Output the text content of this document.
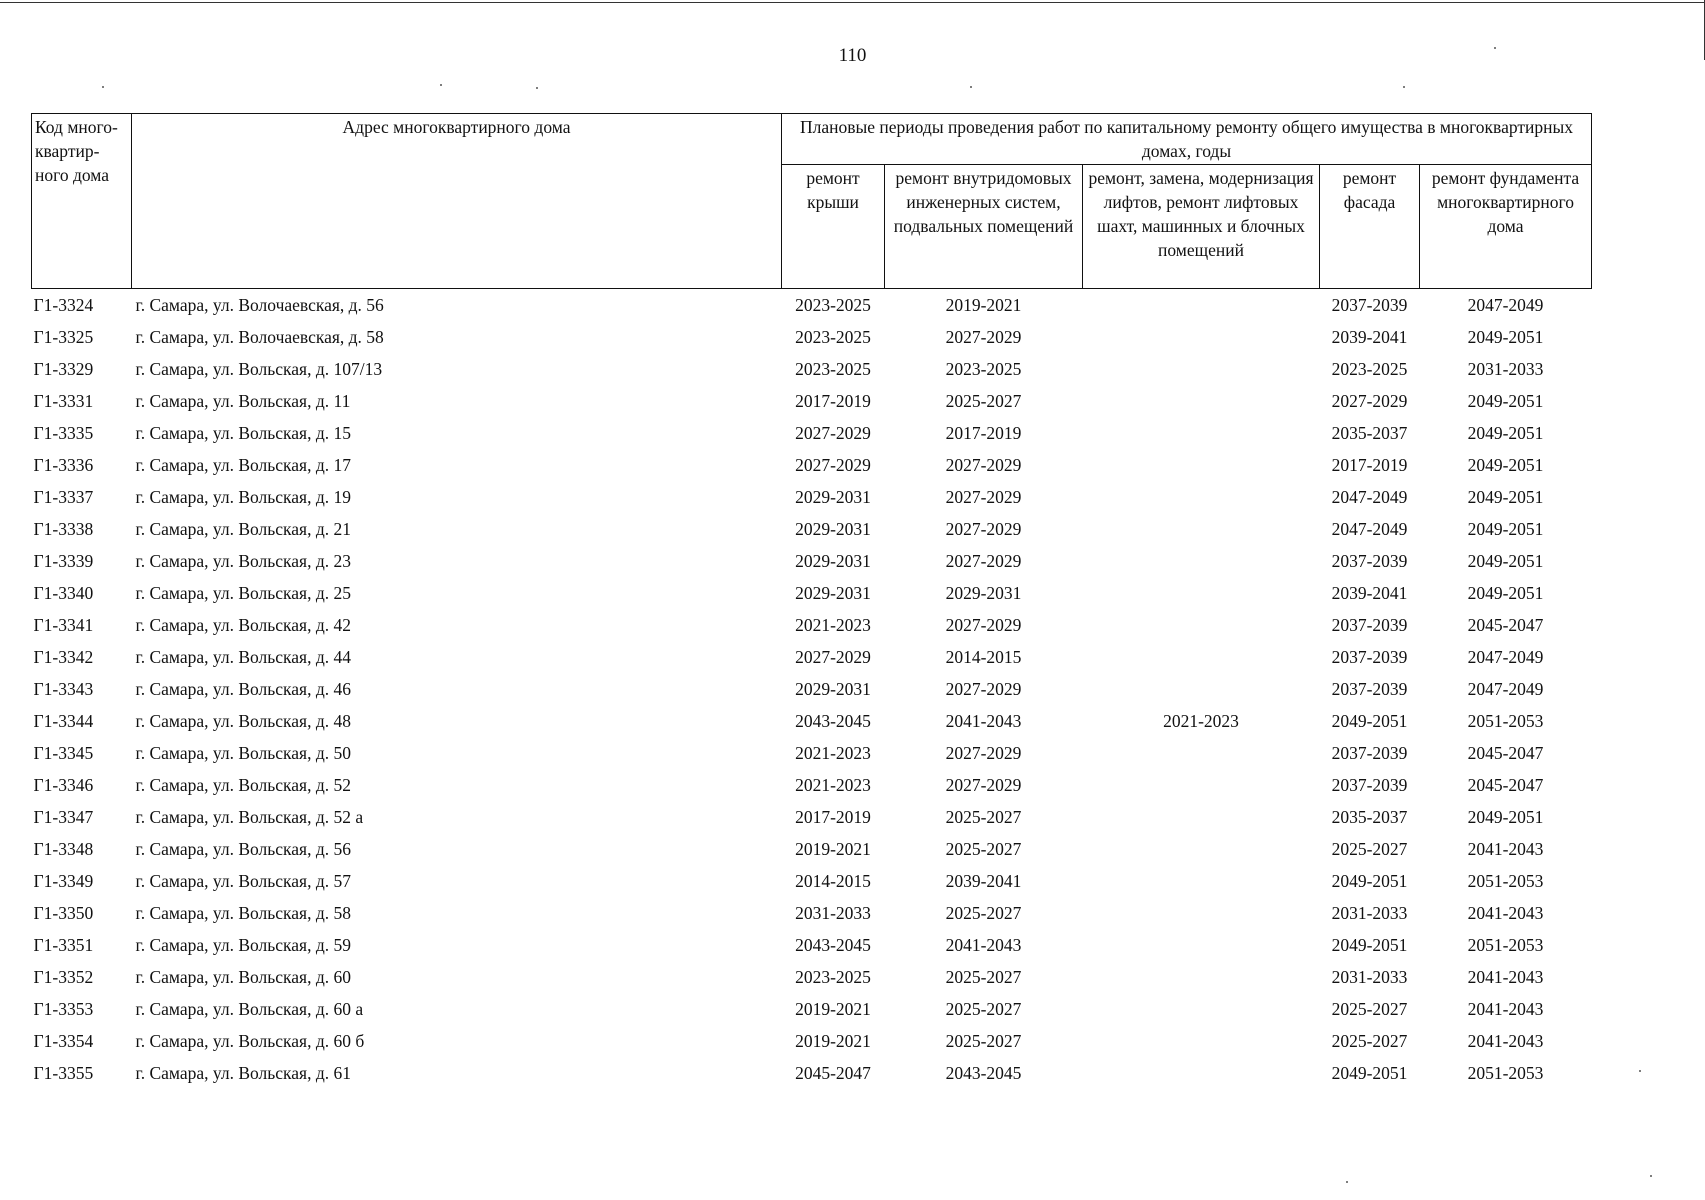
110
Код много-квартир-ного дома	Адрес многоквартирного дома	Плановые периоды проведения работ по капитальному ремонту общего имущества в многоквартирных домах, годы				
		ремонт крыши	ремонт внутридомовых инженерных систем, подвальных помещений	ремонт, замена, модернизация лифтов, ремонт лифтовых шахт, машинных и блочных помещений	ремонт фасада	ремонт фундамента многоквартирного дома
Г1-3324	г. Самара, ул. Волочаевская, д. 56	2023-2025	2019-2021		2037-2039	2047-2049
Г1-3325	г. Самара, ул. Волочаевская, д. 58	2023-2025	2027-2029		2039-2041	2049-2051
Г1-3329	г. Самара, ул. Вольская, д. 107/13	2023-2025	2023-2025		2023-2025	2031-2033
Г1-3331	г. Самара, ул. Вольская, д. 11	2017-2019	2025-2027		2027-2029	2049-2051
Г1-3335	г. Самара, ул. Вольская, д. 15	2027-2029	2017-2019		2035-2037	2049-2051
Г1-3336	г. Самара, ул. Вольская, д. 17	2027-2029	2027-2029		2017-2019	2049-2051
Г1-3337	г. Самара, ул. Вольская, д. 19	2029-2031	2027-2029		2047-2049	2049-2051
Г1-3338	г. Самара, ул. Вольская, д. 21	2029-2031	2027-2029		2047-2049	2049-2051
Г1-3339	г. Самара, ул. Вольская, д. 23	2029-2031	2027-2029		2037-2039	2049-2051
Г1-3340	г. Самара, ул. Вольская, д. 25	2029-2031	2029-2031		2039-2041	2049-2051
Г1-3341	г. Самара, ул. Вольская, д. 42	2021-2023	2027-2029		2037-2039	2045-2047
Г1-3342	г. Самара, ул. Вольская, д. 44	2027-2029	2014-2015		2037-2039	2047-2049
Г1-3343	г. Самара, ул. Вольская, д. 46	2029-2031	2027-2029		2037-2039	2047-2049
Г1-3344	г. Самара, ул. Вольская, д. 48	2043-2045	2041-2043	2021-2023	2049-2051	2051-2053
Г1-3345	г. Самара, ул. Вольская, д. 50	2021-2023	2027-2029		2037-2039	2045-2047
Г1-3346	г. Самара, ул. Вольская, д. 52	2021-2023	2027-2029		2037-2039	2045-2047
Г1-3347	г. Самара, ул. Вольская, д. 52 а	2017-2019	2025-2027		2035-2037	2049-2051
Г1-3348	г. Самара, ул. Вольская, д. 56	2019-2021	2025-2027		2025-2027	2041-2043
Г1-3349	г. Самара, ул. Вольская, д. 57	2014-2015	2039-2041		2049-2051	2051-2053
Г1-3350	г. Самара, ул. Вольская, д. 58	2031-2033	2025-2027		2031-2033	2041-2043
Г1-3351	г. Самара, ул. Вольская, д. 59	2043-2045	2041-2043		2049-2051	2051-2053
Г1-3352	г. Самара, ул. Вольская, д. 60	2023-2025	2025-2027		2031-2033	2041-2043
Г1-3353	г. Самара, ул. Вольская, д. 60 а	2019-2021	2025-2027		2025-2027	2041-2043
Г1-3354	г. Самара, ул. Вольская, д. 60 б	2019-2021	2025-2027		2025-2027	2041-2043
Г1-3355	г. Самара, ул. Вольская, д. 61	2045-2047	2043-2045		2049-2051	2051-2053
